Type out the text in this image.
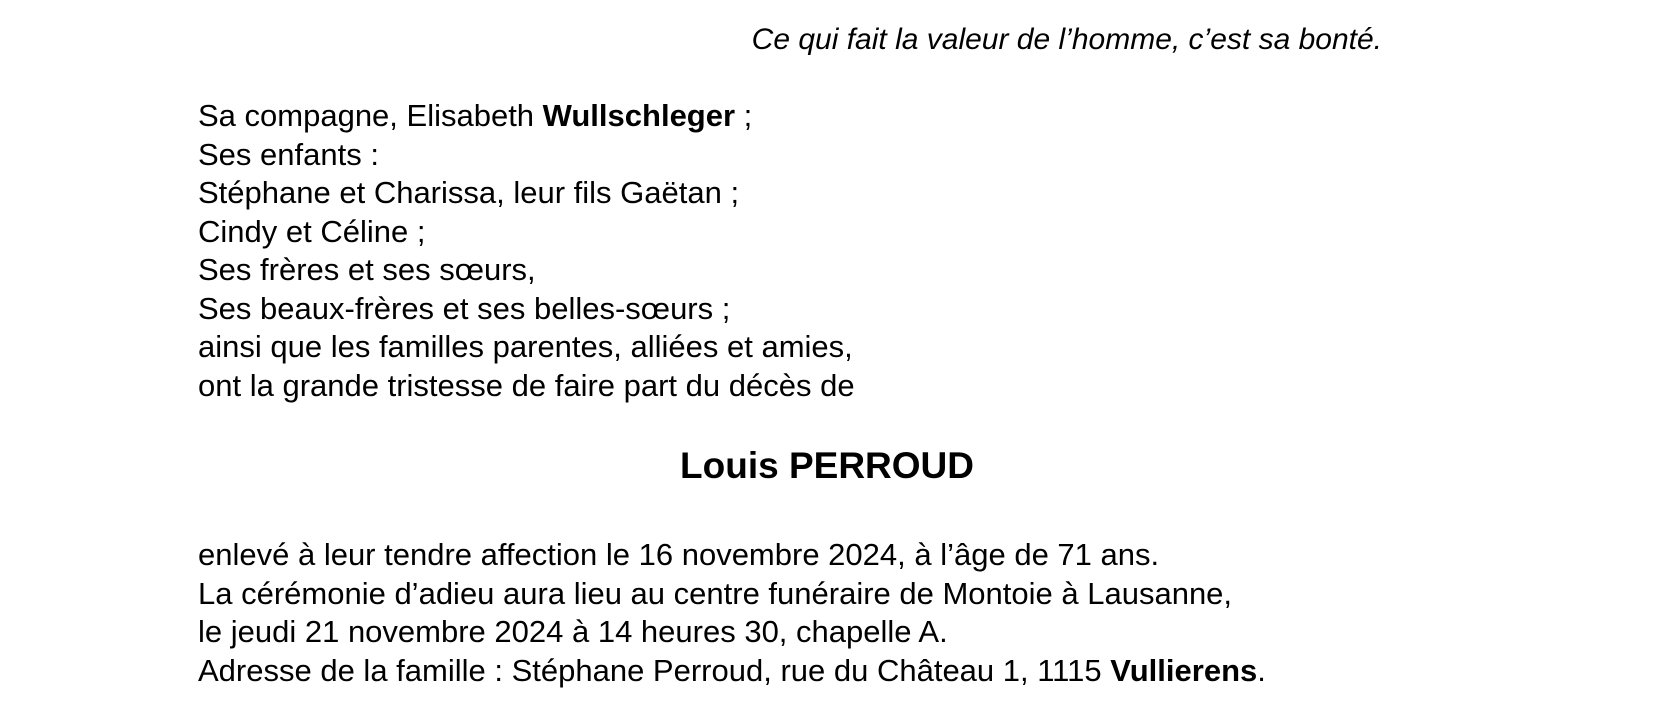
Ce qui fait la valeur de l’homme, c’est sa bonté.
Sa compagne, Elisabeth Wullschleger ;
Ses enfants :
Stéphane et Charissa, leur fils Gaëtan ;
Cindy et Céline ;
Ses frères et ses sœurs,
Ses beaux-frères et ses belles-sœurs ;
ainsi que les familles parentes, alliées et amies,
ont la grande tristesse de faire part du décès de
Louis PERROUD
enlevé à leur tendre affection le 16 novembre 2024, à l’âge de 71 ans.
La cérémonie d’adieu aura lieu au centre funéraire de Montoie à Lausanne,
le jeudi 21 novembre 2024 à 14 heures 30, chapelle A.
Adresse de la famille : Stéphane Perroud, rue du Château 1, 1115 Vullierens.
